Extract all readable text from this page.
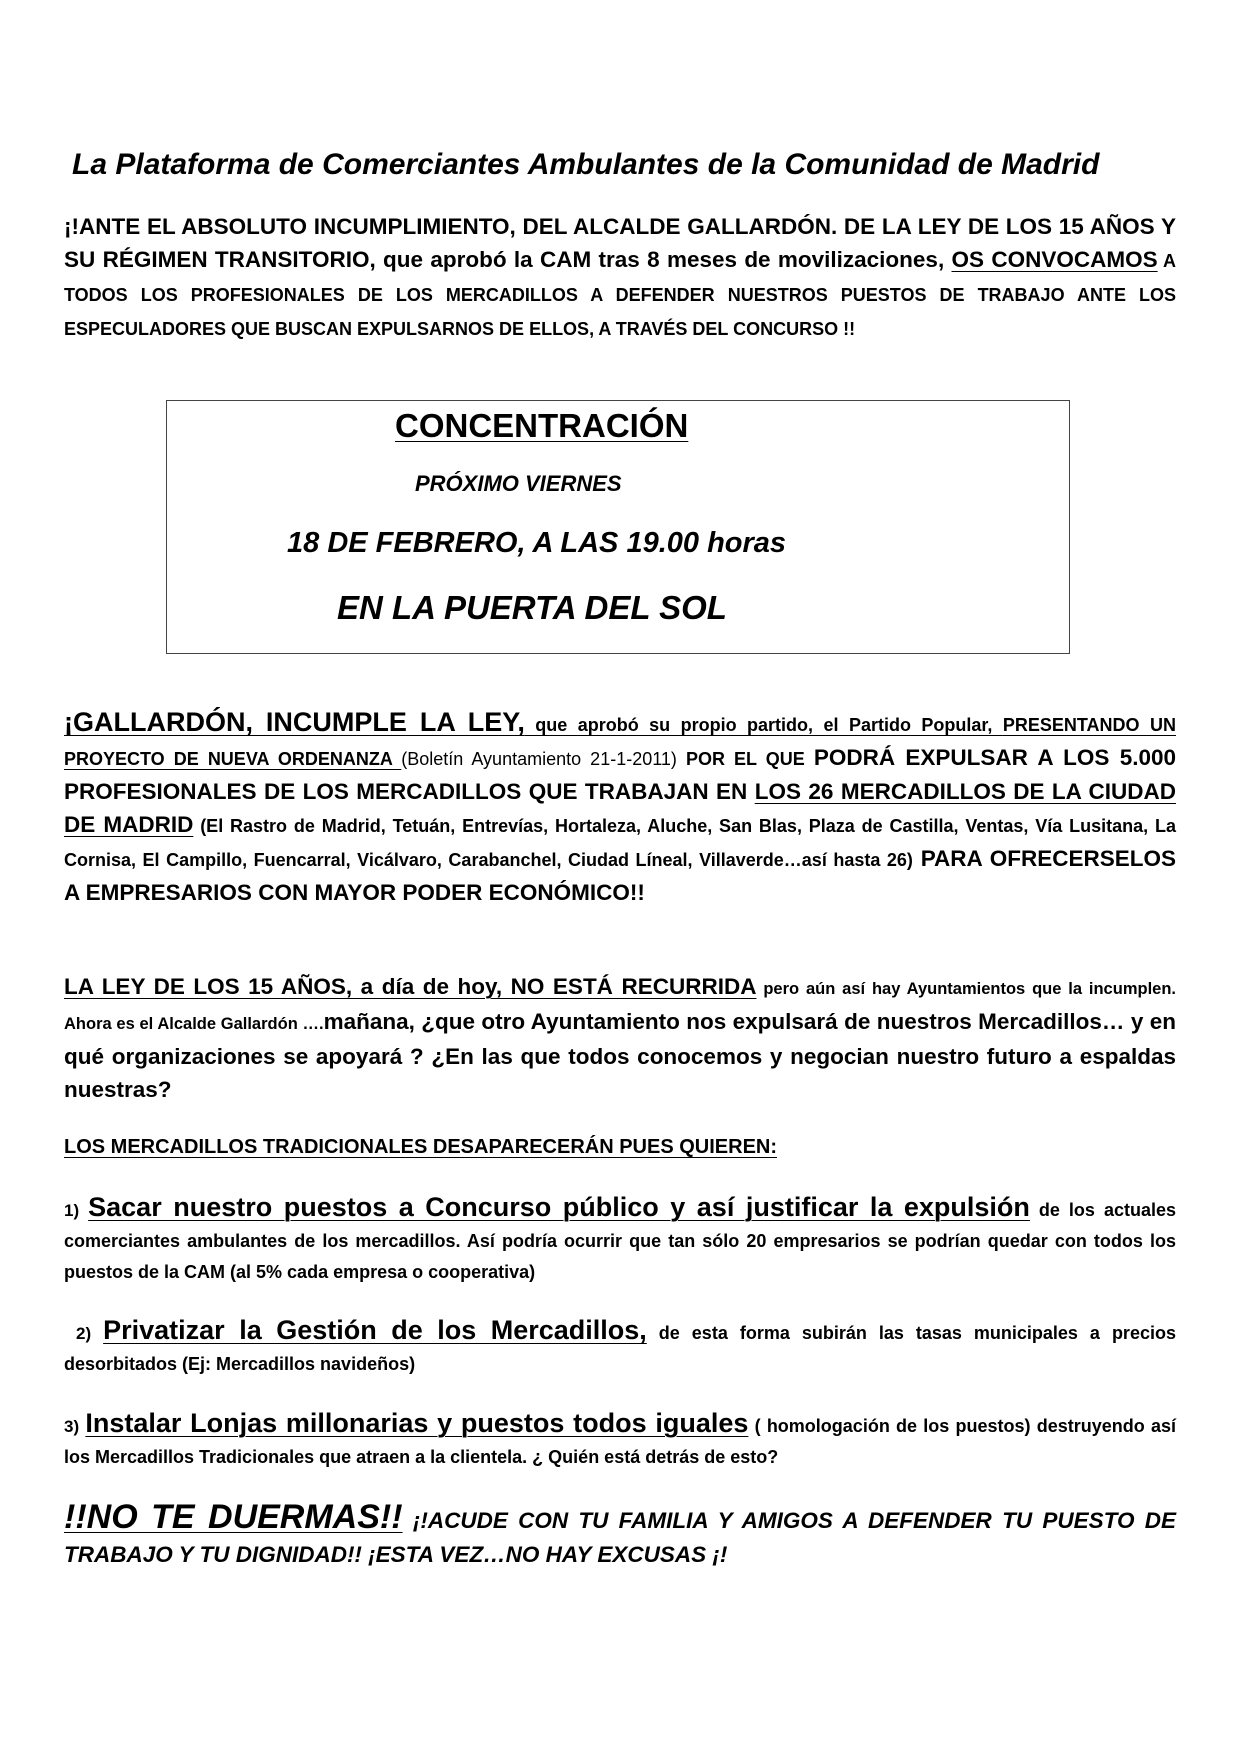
La Plataforma de Comerciantes Ambulantes de la Comunidad de Madrid
¡!ANTE EL ABSOLUTO INCUMPLIMIENTO, DEL ALCALDE GALLARDÓN. DE LA LEY DE LOS 15 AÑOS Y SU RÉGIMEN TRANSITORIO, que aprobó la CAM tras 8 meses de movilizaciones, OS CONVOCAMOS A TODOS LOS PROFESIONALES DE LOS MERCADILLOS A DEFENDER NUESTROS PUESTOS DE TRABAJO ANTE LOS ESPECULADORES QUE BUSCAN EXPULSARNOS DE ELLOS, A TRAVÉS DEL CONCURSO !!
CONCENTRACIÓN
PRÓXIMO VIERNES
18 DE FEBRERO, A LAS 19.00 horas
EN LA PUERTA DEL SOL
¡GALLARDÓN, INCUMPLE LA LEY, que aprobó su propio partido, el Partido Popular, PRESENTANDO UN PROYECTO DE NUEVA ORDENANZA (Boletín Ayuntamiento 21-1-2011) POR EL QUE PODRÁ EXPULSAR A LOS 5.000 PROFESIONALES DE LOS MERCADILLOS QUE TRABAJAN EN LOS 26 MERCADILLOS DE LA CIUDAD DE MADRID (El Rastro de Madrid, Tetuán, Entrevías, Hortaleza, Aluche, San Blas, Plaza de Castilla, Ventas, Vía Lusitana, La Cornisa, El Campillo, Fuencarral, Vicálvaro, Carabanchel, Ciudad Líneal, Villaverde…así hasta 26) PARA OFRECERSELOS A EMPRESARIOS CON MAYOR PODER ECONÓMICO!!
LA LEY DE LOS 15 AÑOS, a día de hoy, NO ESTÁ RECURRIDA pero aún así hay Ayuntamientos que la incumplen. Ahora es el Alcalde Gallardón ….mañana, ¿que otro Ayuntamiento nos expulsará de nuestros Mercadillos… y en qué organizaciones se apoyará ? ¿En las que todos conocemos y negocian nuestro futuro a espaldas nuestras?
LOS MERCADILLOS TRADICIONALES DESAPARECERÁN PUES QUIEREN:
1) Sacar nuestro puestos a Concurso público y así justificar la expulsión de los actuales comerciantes ambulantes de los mercadillos. Así podría ocurrir que tan sólo 20 empresarios se podrían quedar con todos los puestos de la CAM (al 5% cada empresa o cooperativa)
2) Privatizar la Gestión de los Mercadillos, de esta forma subirán las tasas municipales a precios desorbitados (Ej: Mercadillos navideños)
3) Instalar Lonjas millonarias y puestos todos iguales ( homologación de los puestos) destruyendo así los Mercadillos Tradicionales que atraen a la clientela. ¿ Quién está detrás de esto?
!!NO TE DUERMAS!! ¡!ACUDE CON TU FAMILIA Y AMIGOS A DEFENDER TU PUESTO DE TRABAJO Y TU DIGNIDAD!! ¡ESTA VEZ…NO HAY EXCUSAS ¡!
